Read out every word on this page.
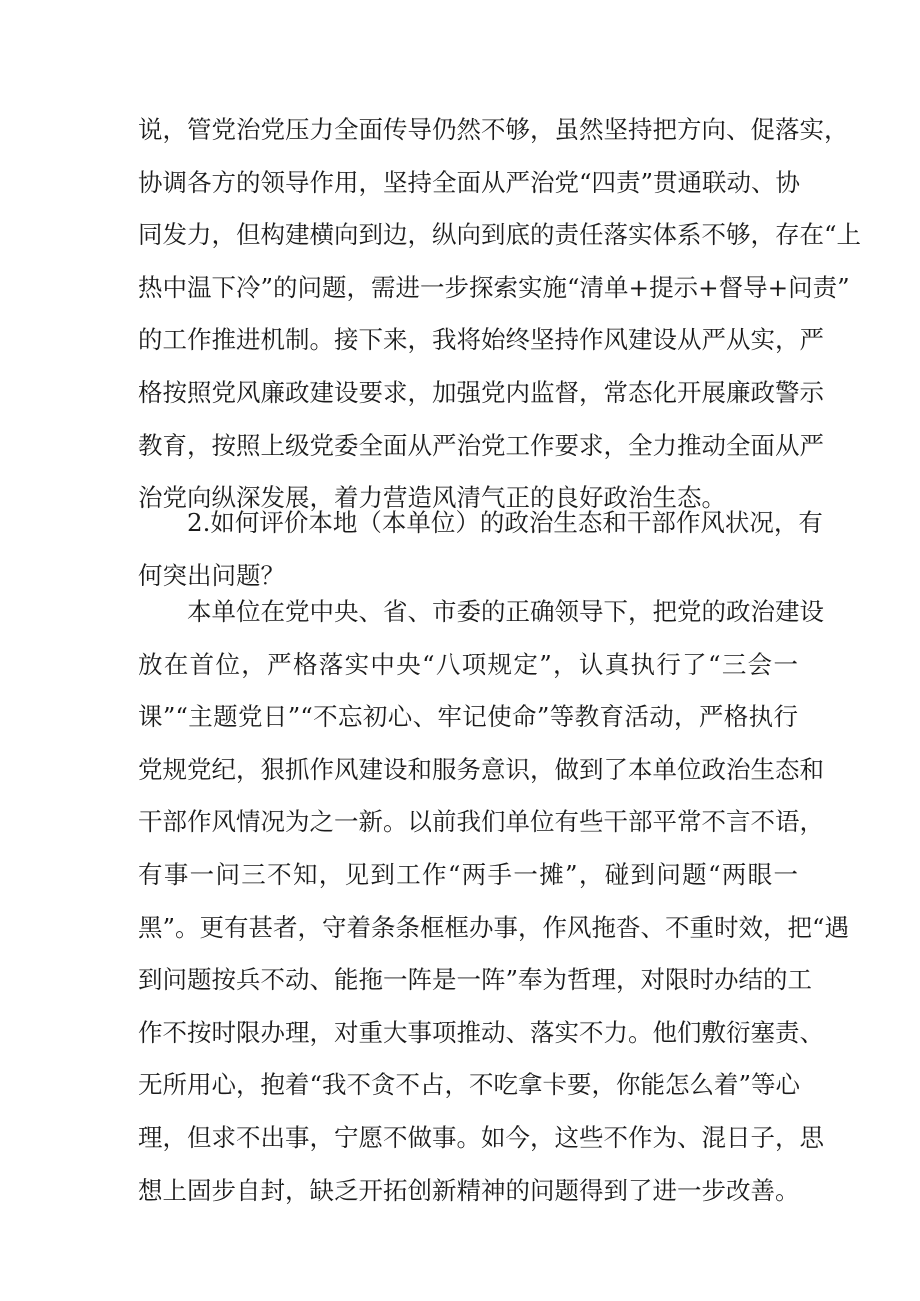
说，管党治党压力全面传导仍然不够，虽然坚持把方向、促落实，
协调各方的领导作用，坚持全面从严治党“四责”贯通联动、协
同发力，但构建横向到边，纵向到底的责任落实体系不够，存在“上
热中温下冷”的问题，需进一步探索实施“清单+提示+督导+问责”
的工作推进机制。接下来，我将始终坚持作风建设从严从实，严
格按照党风廉政建设要求，加强党内监督，常态化开展廉政警示
教育，按照上级党委全面从严治党工作要求，全力推动全面从严
治党向纵深发展，着力营造风清气正的良好政治生态。
2.如何评价本地（本单位）的政治生态和干部作风状况，有
何突出问题？
本单位在党中央、省、市委的正确领导下，把党的政治建设
放在首位，严格落实中央“八项规定”，认真执行了“三会一
课”“主题党日”“不忘初心、牢记使命”等教育活动，严格执行
党规党纪，狠抓作风建设和服务意识，做到了本单位政治生态和
干部作风情况为之一新。以前我们单位有些干部平常不言不语，
有事一问三不知，见到工作“两手一摊”，碰到问题“两眼一
黑”。更有甚者，守着条条框框办事，作风拖沓、不重时效，把“遇
到问题按兵不动、能拖一阵是一阵”奉为哲理，对限时办结的工
作不按时限办理，对重大事项推动、落实不力。他们敷衍塞责、
无所用心，抱着“我不贪不占，不吃拿卡要，你能怎么着”等心
理，但求不出事，宁愿不做事。如今，这些不作为、混日子，思
想上固步自封，缺乏开拓创新精神的问题得到了进一步改善。
